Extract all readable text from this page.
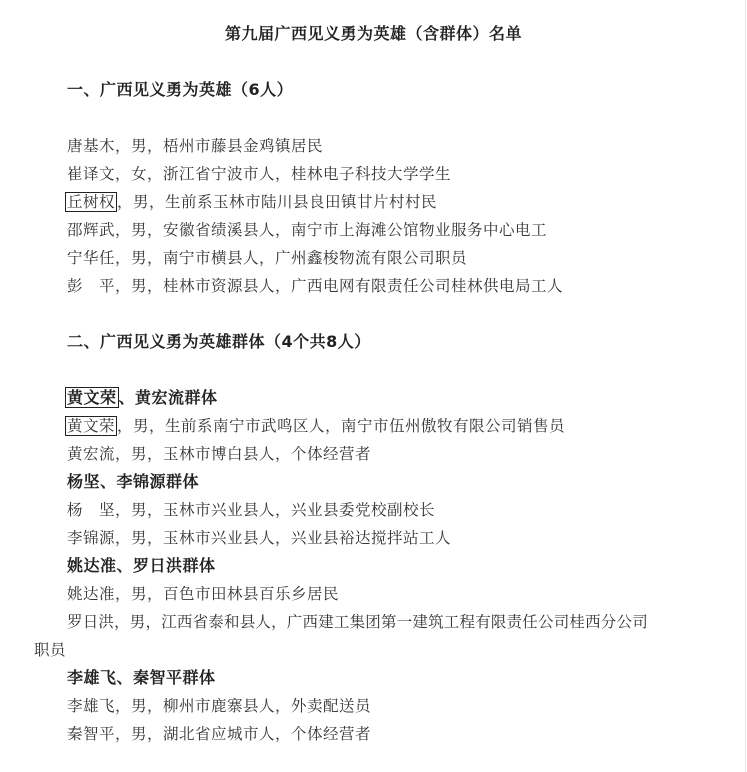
第九届广西见义勇为英雄（含群体）名单
一、广西见义勇为英雄（6人）
唐基木，男，梧州市藤县金鸡镇居民
崔译文，女，浙江省宁波市人，桂林电子科技大学学生
丘树权 ，男，生前系玉林市陆川县良田镇甘片村村民
邵辉武，男，安徽省绩溪县人，南宁市上海滩公馆物业服务中心电工
宁华任，男，南宁市横县人，广州鑫梭物流有限公司职员
彭　平，男，桂林市资源县人，广西电网有限责任公司桂林供电局工人
二、广西见义勇为英雄群体（4个共8人）
黄文荣 、黄宏流群体
黄文荣 ，男，生前系南宁市武鸣区人，南宁市伍州傲牧有限公司销售员
黄宏流，男，玉林市博白县人，个体经营者
杨坚、李锦源群体
杨　坚，男，玉林市兴业县人，兴业县委党校副校长
李锦源，男，玉林市兴业县人，兴业县裕达搅拌站工人
姚达准、罗日洪群体
姚达准，男，百色市田林县百乐乡居民
罗日洪，男，江西省泰和县人，广西建工集团第一建筑工程有限责任公司桂西分公司
职员
李雄飞、秦智平群体
李雄飞，男，柳州市鹿寨县人，外卖配送员
秦智平，男，湖北省应城市人，个体经营者
